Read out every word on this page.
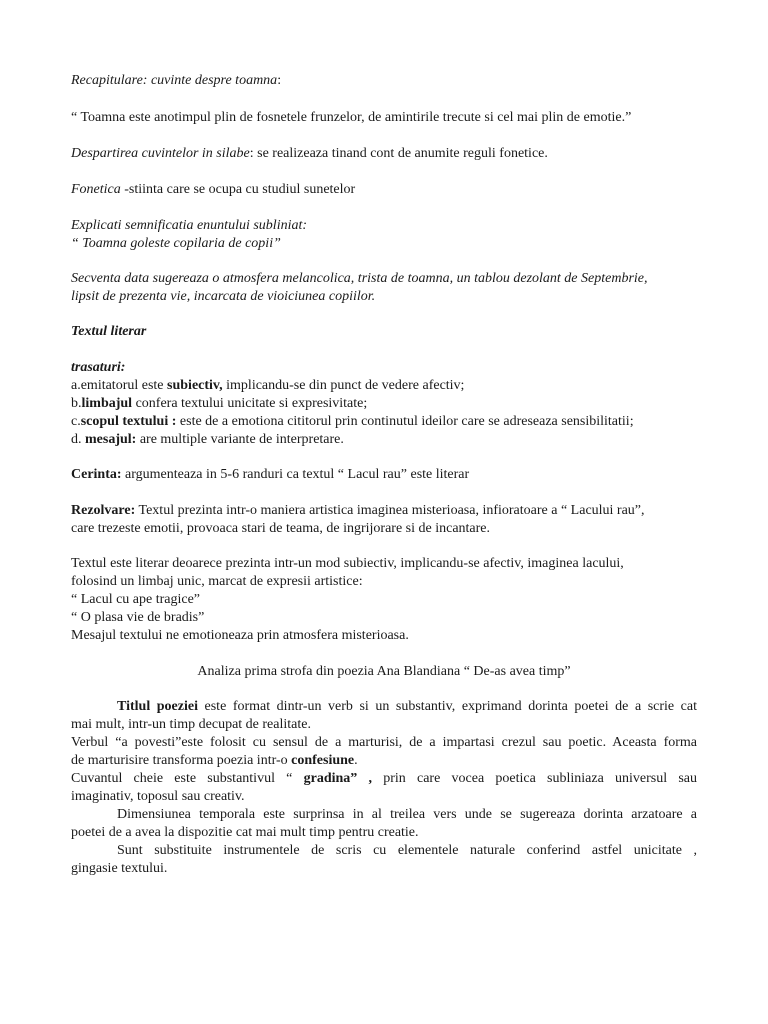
Recapitulare: cuvinte despre toamna:
“ Toamna este anotimpul plin de fosnetele frunzelor, de amintirile trecute si cel mai plin de emotie.”
Despartirea cuvintelor in silabe: se realizeaza tinand cont de anumite reguli fonetice.
Fonetica -stiinta care se ocupa cu studiul sunetelor
Explicati semnificatia enuntului subliniat:
“ Toamna goleste copilaria de copii”
Secventa data sugereaza o atmosfera melancolica, trista de toamna, un tablou dezolant de Septembrie,
lipsit de prezenta vie, incarcata de vioiciunea copiilor.
Textul literar
trasaturi:
a.emitatorul este subiectiv, implicandu-se din punct de vedere afectiv;
b.limbajul confera textului unicitate si expresivitate;
c.scopul textului : este de a emotiona cititorul prin continutul ideilor care se adreseaza sensibilitatii;
d. mesajul: are multiple variante de interpretare.
Cerinta: argumenteaza in 5-6 randuri ca textul “ Lacul rau” este literar
Rezolvare: Textul prezinta intr-o maniera artistica imaginea misterioasa, infioratoare a “ Lacului rau”,
care trezeste emotii, provoaca stari de teama, de ingrijorare si de incantare.
Textul este literar deoarece prezinta intr-un mod subiectiv, implicandu-se afectiv, imaginea lacului,
folosind un limbaj unic, marcat de expresii artistice:
“ Lacul cu ape tragice”
“ O plasa vie de bradis”
Mesajul textului ne emotioneaza prin atmosfera misterioasa.
Analiza prima strofa din poezia Ana Blandiana “ De-as avea timp”
Titlul poeziei este format dintr-un verb si un substantiv, exprimand dorinta poetei de a scrie cat
mai mult, intr-un timp decupat de realitate.
Verbul “a povesti”este folosit cu sensul de a marturisi, de a impartasi crezul sau poetic. Aceasta forma
de marturisire transforma poezia intr-o confesiune.
Cuvantul cheie este substantivul “ gradina” , prin care vocea poetica subliniaza universul sau
imaginativ, toposul sau creativ.
Dimensiunea temporala este surprinsa in al treilea vers unde se sugereaza dorinta arzatoare a
poetei de a avea la dispozitie cat mai mult timp pentru creatie.
Sunt substituite instrumentele de scris cu elementele naturale conferind astfel unicitate ,
gingasie textului.
